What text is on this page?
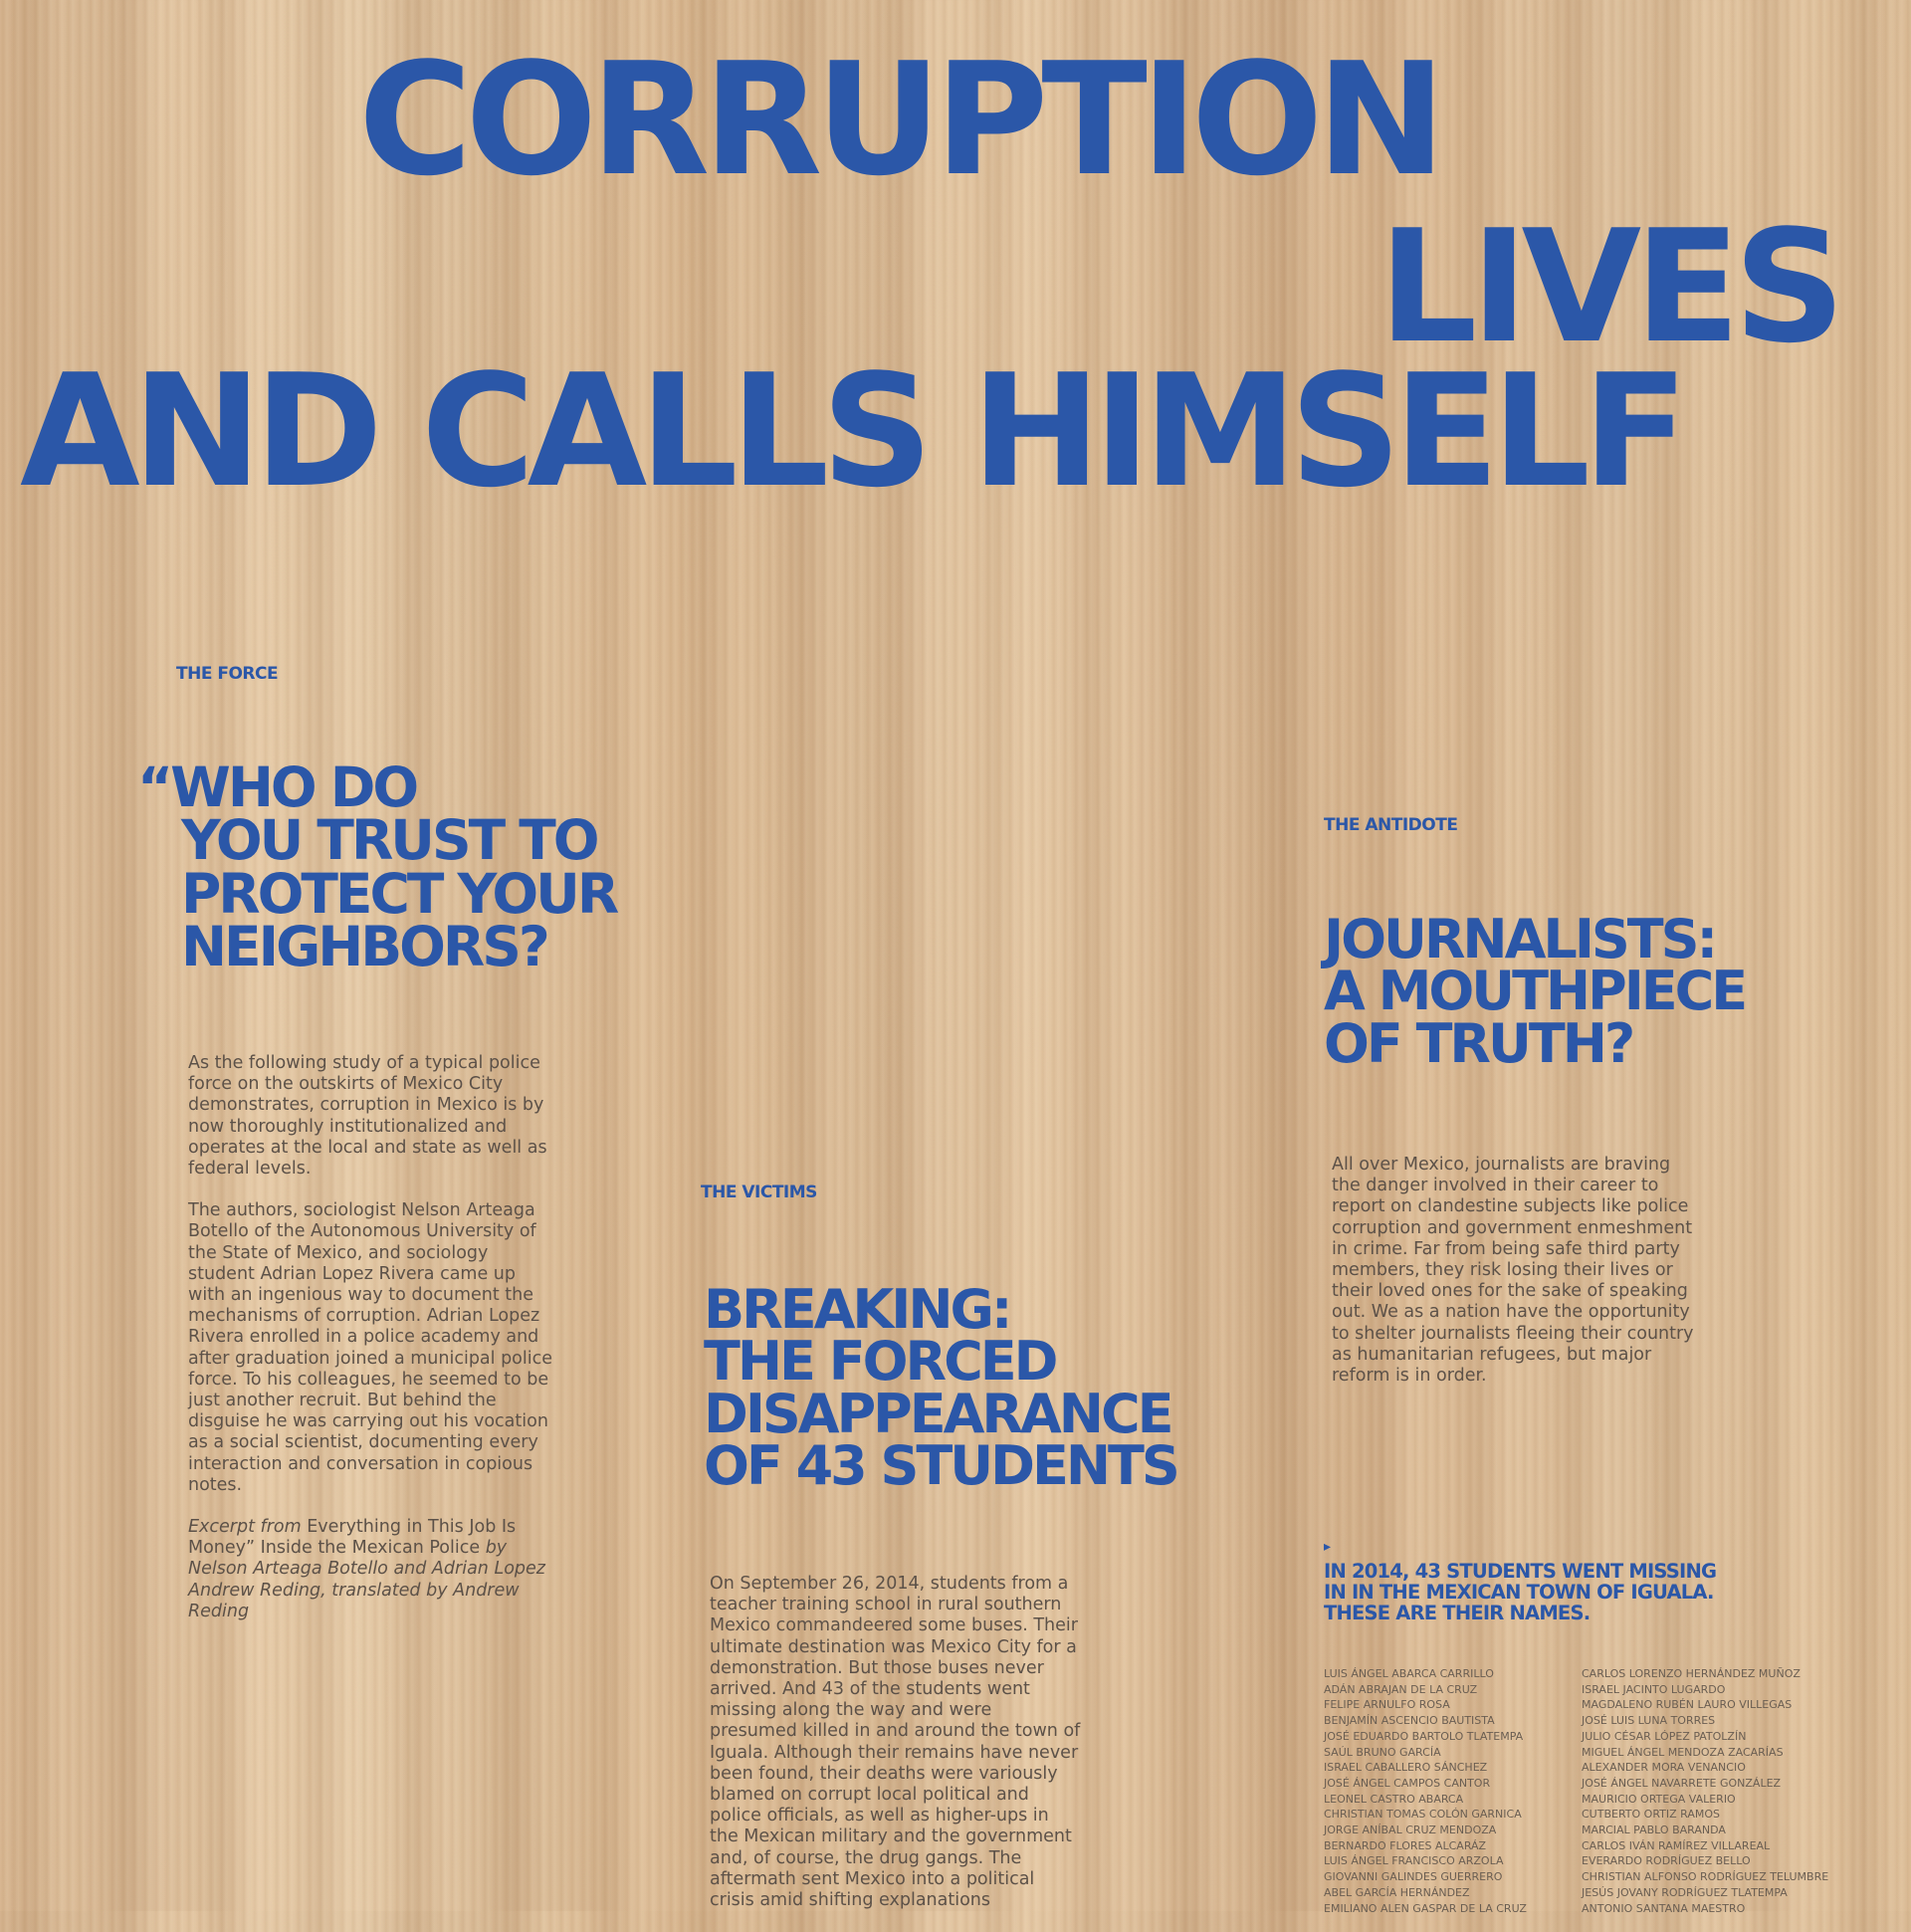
CORRUPTION
LIVES
AND CALLS HIMSELF
THE FORCE
“WHO DO
YOU TRUST TO
PROTECT YOUR
NEIGHBORS?

As the following study of a typical police force on the outskirts of Mexico City demonstrates, corruption in Mexico is by now thoroughly institutionalized and operates at the local and state as well as federal levels.

The authors, sociologist Nelson Arteaga Botello of the Autonomous University of the State of Mexico, and sociology student Adrian Lopez Rivera came up with an ingenious way to document the mechanisms of corruption. Adrian Lopez Rivera enrolled in a police academy and after graduation joined a municipal police force. To his colleagues, he seemed to be just another recruit. But behind the disguise he was carrying out his vocation as a social scientist, documenting every interaction and conversation in copious notes.

Excerpt from Everything in This Job Is Money” Inside the Mexican Police by Nelson Arteaga Botello and Adrian Lopez Andrew Reding, translated by Andrew Reding

THE VICTIMS
BREAKING:
THE FORCED
DISAPPEARANCE
OF 43 STUDENTS

On September 26, 2014, students from a teacher training school in rural southern Mexico commandeered some buses. Their ultimate destination was Mexico City for a demonstration. But those buses never arrived. And 43 of the students went missing along the way and were presumed killed in and around the town of Iguala. Although their remains have never been found, their deaths were variously blamed on corrupt local political and police officials, as well as higher-ups in the Mexican military and the government and, of course, the drug gangs. The aftermath sent Mexico into a political crisis amid shifting explanations

THE ANTIDOTE
JOURNALISTS:
A MOUTHPIECE
OF TRUTH?

All over Mexico, journalists are braving the danger involved in their career to report on clandestine subjects like police corruption and government enmeshment in crime. Far from being safe third party members, they risk losing their lives or their loved ones for the sake of speaking out. We as a nation have the opportunity to shelter journalists fleeing their country as humanitarian refugees, but major reform is in order.

▸
IN 2014, 43 STUDENTS WENT MISSING
IN IN THE MEXICAN TOWN OF IGUALA.
THESE ARE THEIR NAMES.
LUIS ÁNGEL ABARCA CARRILLO
ADÁN ABRAJAN DE LA CRUZ
FELIPE ARNULFO ROSA
BENJAMÍN ASCENCIO BAUTISTA
JOSÉ EDUARDO BARTOLO TLATEMPA
SAÚL BRUNO GARCÍA
ISRAEL CABALLERO SÁNCHEZ
JOSÉ ÁNGEL CAMPOS CANTOR
LEONEL CASTRO ABARCA
CHRISTIAN TOMAS COLÓN GARNICA
JORGE ANÍBAL CRUZ MENDOZA
BERNARDO FLORES ALCARÁZ
LUIS ÁNGEL FRANCISCO ARZOLA
GIOVANNI GALINDES GUERRERO
ABEL GARCÍA HERNÁNDEZ
EMILIANO ALEN GASPAR DE LA CRUZ
CARLOS LORENZO HERNÁNDEZ MUÑOZ
ISRAEL JACINTO LUGARDO
MAGDALENO RUBÉN LAURO VILLEGAS
JOSÉ LUIS LUNA TORRES
JULIO CÉSAR LÓPEZ PATOLZÍN
MIGUEL ÁNGEL MENDOZA ZACARÍAS
ALEXANDER MORA VENANCIO
JOSÉ ÁNGEL NAVARRETE GONZÁLEZ
MAURICIO ORTEGA VALERIO
CUTBERTO ORTIZ RAMOS
MARCIAL PABLO BARANDA
CARLOS IVÁN RAMÍREZ VILLAREAL
EVERARDO RODRÍGUEZ BELLO
CHRISTIAN ALFONSO RODRÍGUEZ TELUMBRE
JESÚS JOVANY RODRÍGUEZ TLATEMPA
ANTONIO SANTANA MAESTRO
